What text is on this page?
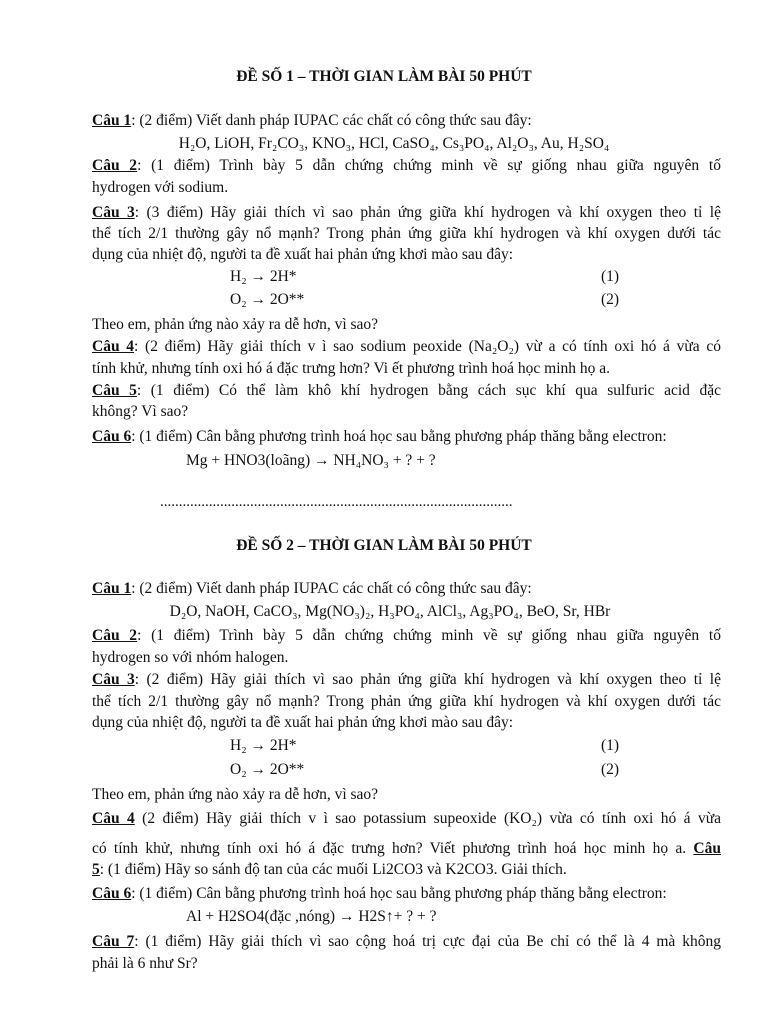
ĐỀ SỐ 1 – THỜI GIAN LÀM BÀI 50 PHÚT
Câu 1: (2 điểm) Viết danh pháp IUPAC các chất có công thức sau đây:
H₂O, LiOH, Fr₂CO₃, KNO₃, HCl, CaSO₄, Cs₃PO₄, Al₂O₃, Au, H₂SO₄
Câu 2: (1 điểm) Trình bày 5 dẫn chứng chứng minh về sự giống nhau giữa nguyên tố
hydrogen với sodium.
Câu 3: (3 điểm) Hãy giải thích vì sao phản ứng giữa khí hydrogen và khí oxygen theo tỉ lệ
thể tích 2/1 thường gây nổ mạnh? Trong phản ứng giữa khí hydrogen và khí oxygen dưới tác
dụng của nhiệt độ, người ta đề xuất hai phản ứng khơi mào sau đây:
H₂ → 2H*	(1)
O₂ → 2O**	(2)
Theo em, phản ứng nào xảy ra dễ hơn, vì sao?
Câu 4: (2 điểm) Hãy giải thích v ì sao sodium peoxide (Na₂O₂) vừ a có tính oxi hó á vừa có
tính khử, nhưng tính oxi hó á đặc trưng hơn? Vi ết phương trình hoá học minh họ a.
Câu 5: (1 điểm) Có thể làm khô khí hydrogen bằng cách sục khí qua sulfuric acid đặc
không? Vì sao?
Câu 6: (1 điểm) Cân bằng phương trình hoá học sau bằng phương pháp thăng bằng electron:
Mg + HNO3(loãng) → NH₄NO₃ + ? + ?
..............................................................................................
ĐỀ SỐ 2 – THỜI GIAN LÀM BÀI 50 PHÚT
Câu 1: (2 điểm) Viết danh pháp IUPAC các chất có công thức sau đây:
D₂O, NaOH, CaCO₃, Mg(NO₃)₂, H₃PO₄, AlCl₃, Ag₃PO₄, BeO, Sr, HBr
Câu 2: (1 điểm) Trình bày 5 dẫn chứng chứng minh về sự giống nhau giữa nguyên tố
hydrogen so với nhóm halogen.
Câu 3: (2 điểm) Hãy giải thích vì sao phản ứng giữa khí hydrogen và khí oxygen theo tỉ lệ
thể tích 2/1 thường gây nổ mạnh? Trong phản ứng giữa khí hydrogen và khí oxygen dưới tác
dụng của nhiệt độ, người ta đề xuất hai phản ứng khơi mào sau đây:
H₂ → 2H*	(1)
O₂ → 2O**	(2)
Theo em, phản ứng nào xảy ra dễ hơn, vì sao?
Câu 4 (2 điểm) Hãy giải thích v ì sao potassium supeoxide (KO₂) vừa có tính oxi hó á vừa
có tính khử, nhưng tính oxi hó á đặc trưng hơn? Viết phương trình hoá học minh họ a. Câu
5: (1 điểm) Hãy so sánh độ tan của các muối Li2CO3 và K2CO3. Giải thích.
Câu 6: (1 điểm) Cân bằng phương trình hoá học sau bằng phương pháp thăng bằng electron:
Al + H2SO4(đặc ,nóng) → H2S↑+ ? + ?
Câu 7: (1 điểm) Hãy giải thích vì sao cộng hoá trị cực đại của Be chỉ có thể là 4 mà không
phải là 6 như Sr?
